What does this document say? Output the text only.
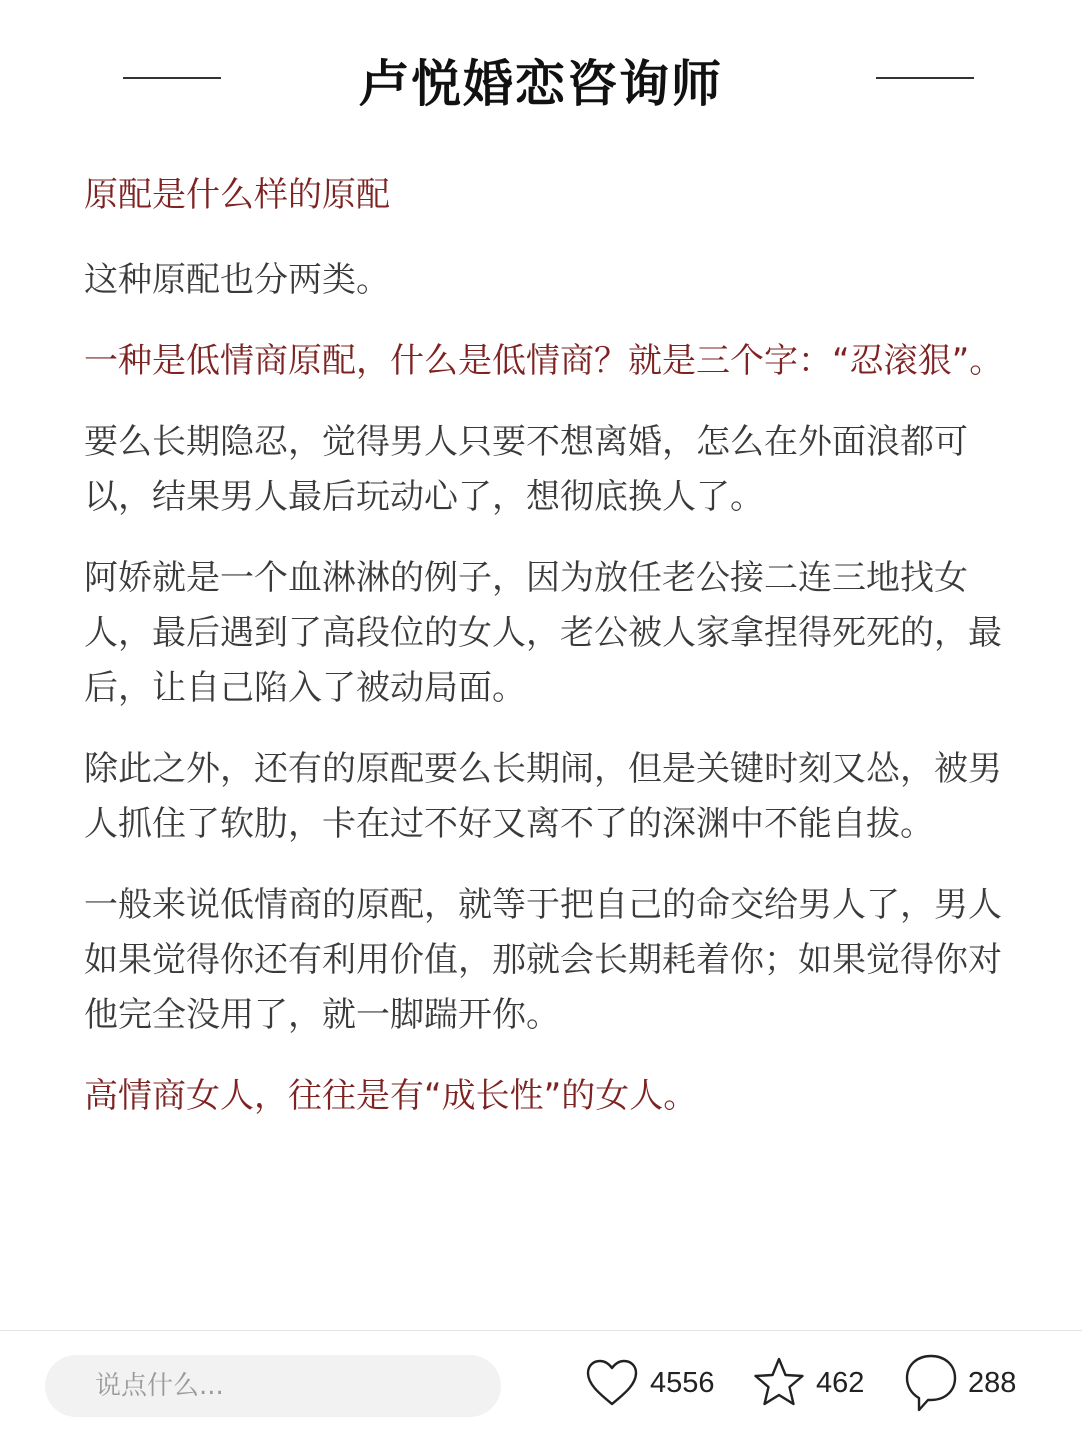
卢悦婚恋咨询师

原配是什么样的原配

这种原配也分两类。

一种是低情商原配，什么是低情商？就是三个字：“忍滚狠”。

要么长期隐忍，觉得男人只要不想离婚，怎么在外面浪都可以，结果男人最后玩动心了，想彻底换人了。

阿娇就是一个血淋淋的例子，因为放任老公接二连三地找女人，最后遇到了高段位的女人，老公被人家拿捏得死死的，最后，让自己陷入了被动局面。

除此之外，还有的原配要么长期闹，但是关键时刻又怂，被男人抓住了软肋，卡在过不好又离不了的深渊中不能自拔。

一般来说低情商的原配，就等于把自己的命交给男人了，男人如果觉得你还有利用价值，那就会长期耗着你；如果觉得你对他完全没用了，就一脚踹开你。

高情商女人，往往是有“成长性”的女人。

说点什么...
4556	462	288
